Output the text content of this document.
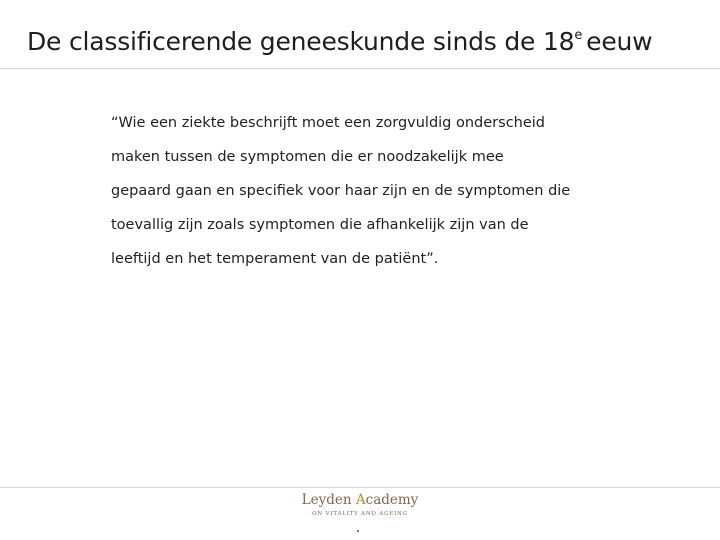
De classificerende geneeskunde sinds de 18e eeuw
“Wie een ziekte beschrijft moet een zorgvuldig onderscheid
maken tussen de symptomen die er noodzakelijk mee
gepaard gaan en specifiek voor haar zijn en de symptomen die
toevallig zijn zoals symptomen die afhankelijk zijn van de
leeftijd en het temperament van de patiënt”.
Leyden Academy
ON VITALITY AND AGEING
